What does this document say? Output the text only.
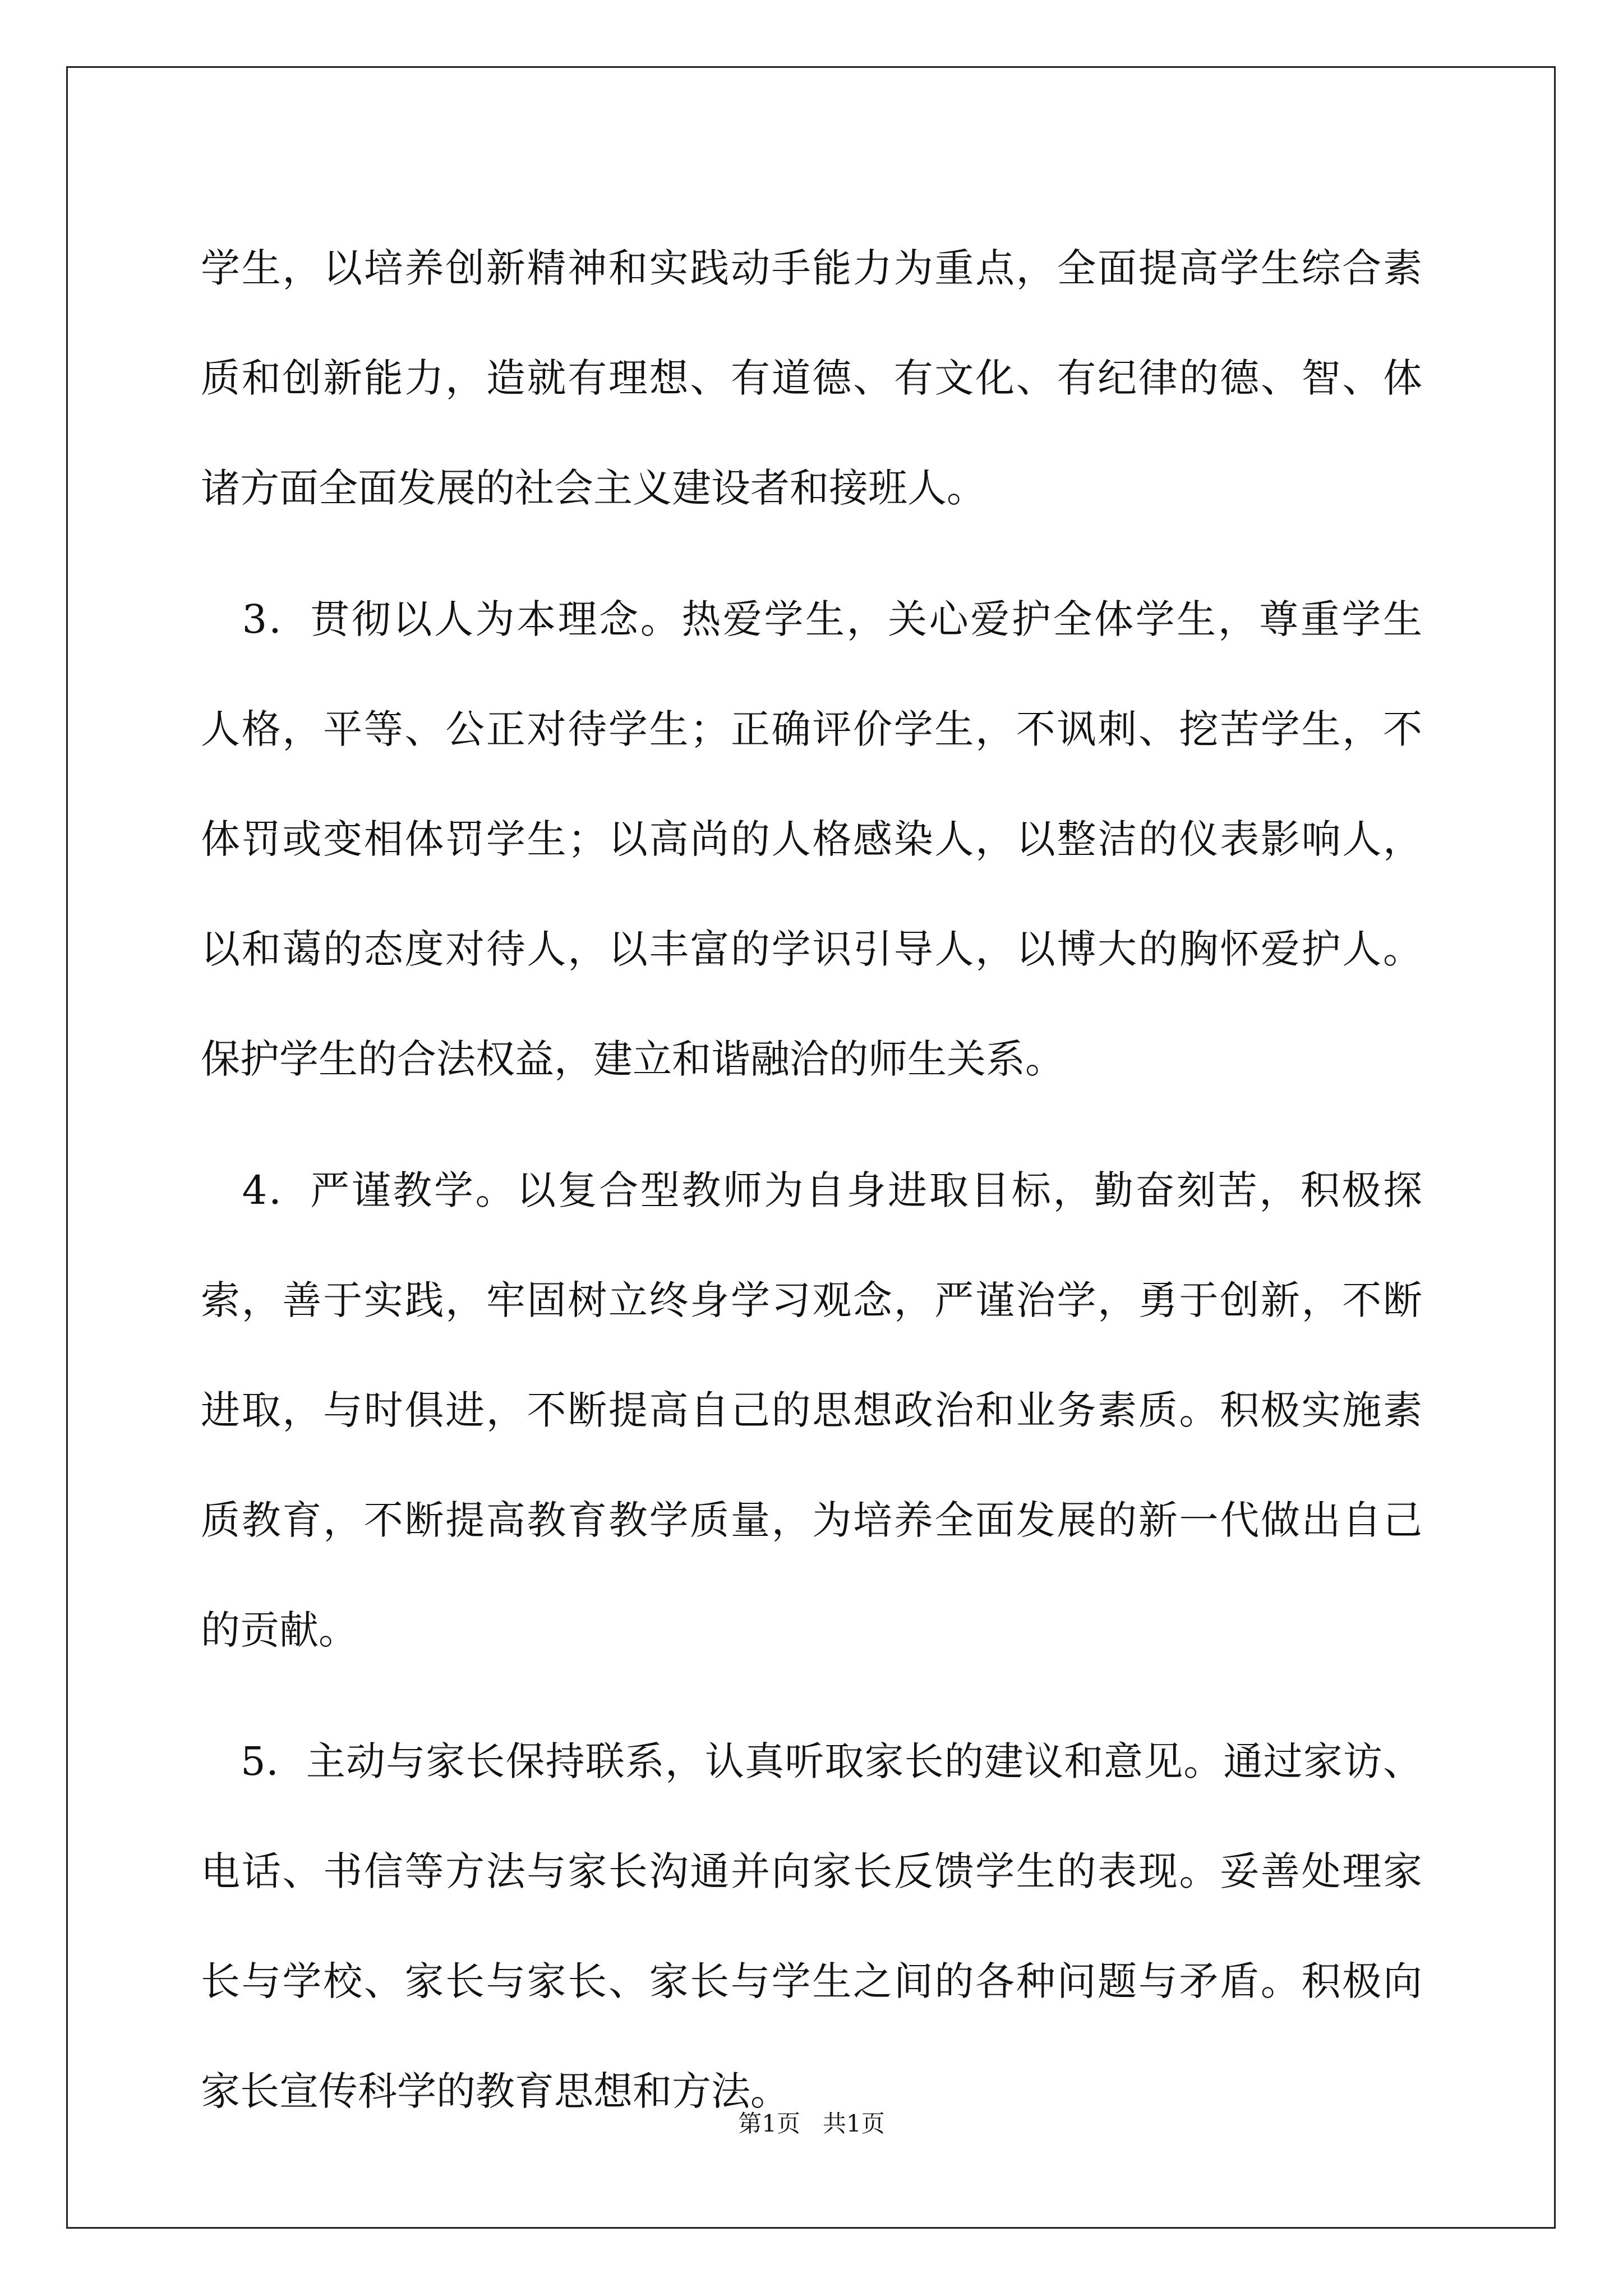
学生，以培养创新精神和实践动手能力为重点，全面提高学生综合素
质和创新能力，造就有理想、有道德、有文化、有纪律的德、智、体
诸方面全面发展的社会主义建设者和接班人。
　3．贯彻以人为本理念。热爱学生，关心爱护全体学生，尊重学生
人格，平等、公正对待学生；正确评价学生，不讽刺、挖苦学生，不
体罚或变相体罚学生；以高尚的人格感染人，以整洁的仪表影响人，
以和蔼的态度对待人，以丰富的学识引导人，以博大的胸怀爱护人。
保护学生的合法权益，建立和谐融洽的师生关系。
　4．严谨教学。以复合型教师为自身进取目标，勤奋刻苦，积极探
索，善于实践，牢固树立终身学习观念，严谨治学，勇于创新，不断
进取，与时俱进，不断提高自己的思想政治和业务素质。积极实施素
质教育，不断提高教育教学质量，为培养全面发展的新一代做出自己
的贡献。
　5．主动与家长保持联系，认真听取家长的建议和意见。通过家访、
电话、书信等方法与家长沟通并向家长反馈学生的表现。妥善处理家
长与学校、家长与家长、家长与学生之间的各种问题与矛盾。积极向
家长宣传科学的教育思想和方法。
第1页 共1页
